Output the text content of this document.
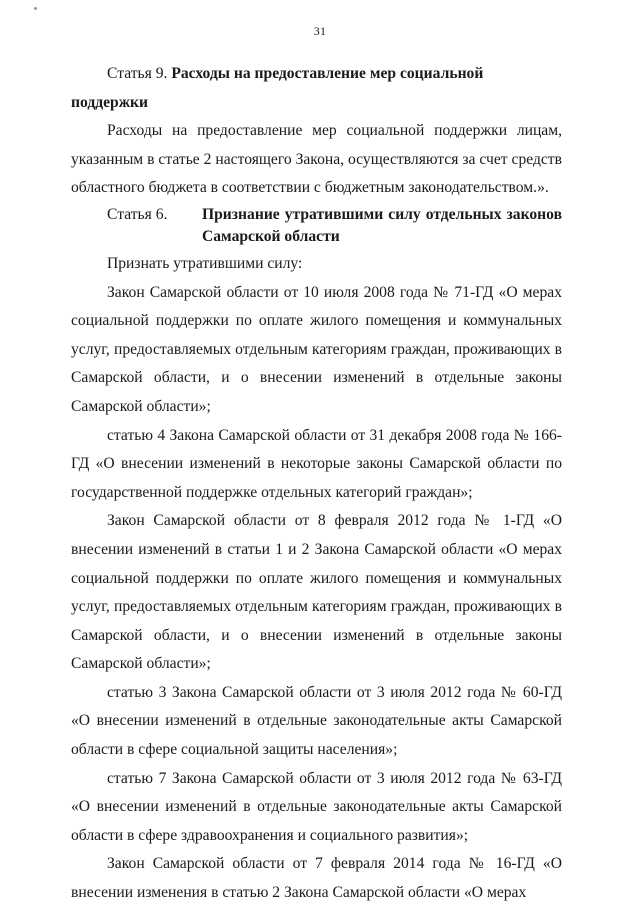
31

Статья 9. Расходы на предоставление мер социальной поддержки

Расходы на предоставление мер социальной поддержки лицам, указанным в статье 2 настоящего Закона, осуществляются за счет средств областного бюджета в соответствии с бюджетным законодательством.».

Статья 6.	Признание утратившими силу отдельных законов Самарской области

Признать утратившими силу:

Закон Самарской области от 10 июля 2008 года № 71-ГД «О мерах социальной поддержки по оплате жилого помещения и коммунальных услуг, предоставляемых отдельным категориям граждан, проживающих в Самарской области, и о внесении изменений в отдельные законы Самарской области»;

статью 4 Закона Самарской области от 31 декабря 2008 года № 166-ГД «О внесении изменений в некоторые законы Самарской области по государственной поддержке отдельных категорий граждан»;

Закон Самарской области от 8 февраля 2012 года № 1-ГД «О внесении изменений в статьи 1 и 2 Закона Самарской области «О мерах социальной поддержки по оплате жилого помещения и коммунальных услуг, предоставляемых отдельным категориям граждан, проживающих в Самарской области, и о внесении изменений в отдельные законы Самарской области»;

статью 3 Закона Самарской области от 3 июля 2012 года № 60-ГД «О внесении изменений в отдельные законодательные акты Самарской области в сфере социальной защиты населения»;

статью 7 Закона Самарской области от 3 июля 2012 года № 63-ГД «О внесении изменений в отдельные законодательные акты Самарской области в сфере здравоохранения и социального развития»;

Закон Самарской области от 7 февраля 2014 года № 16-ГД «О внесении изменения в статью 2 Закона Самарской области «О мерах
